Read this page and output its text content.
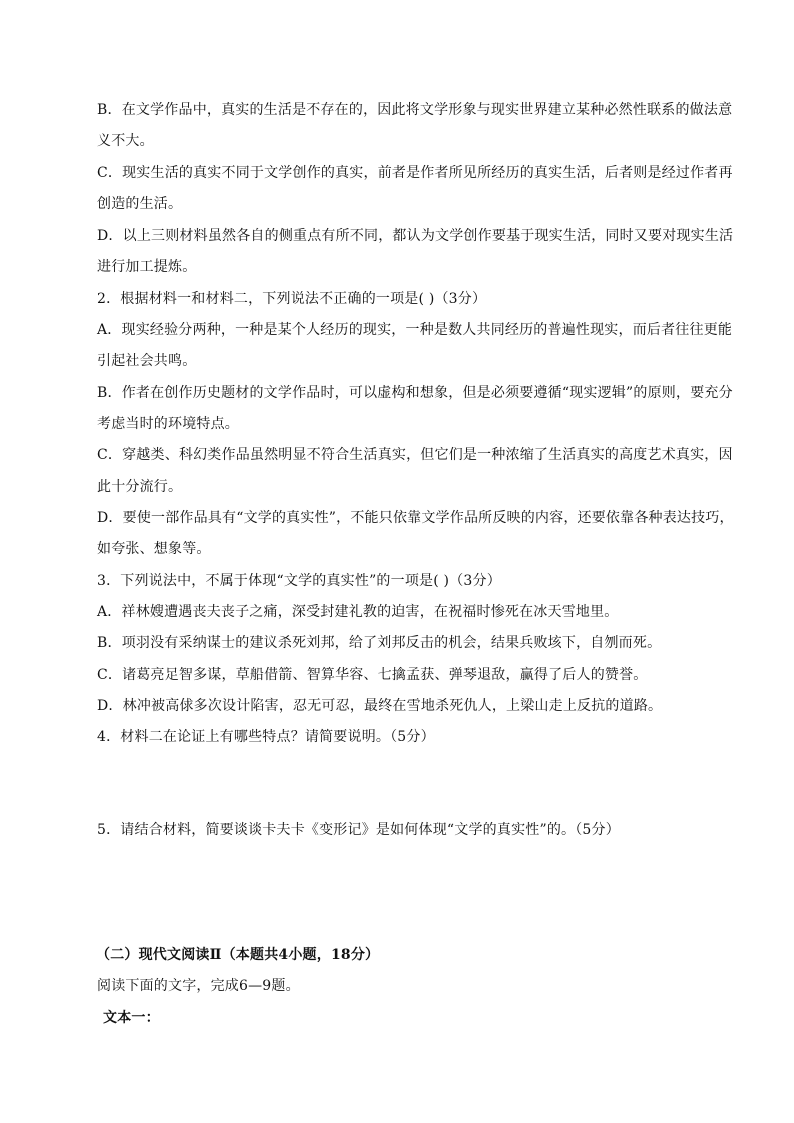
B．在文学作品中，真实的生活是不存在的，因此将文学形象与现实世界建立某种必然性联系的做法意
义不大。
C．现实生活的真实不同于文学创作的真实，前者是作者所见所经历的真实生活，后者则是经过作者再
创造的生活。
D．以上三则材料虽然各自的侧重点有所不同，都认为文学创作要基于现实生活，同时又要对现实生活
进行加工提炼。
2．根据材料一和材料二，下列说法不正确的一项是( )（3分）
A．现实经验分两种，一种是某个人经历的现实，一种是数人共同经历的普遍性现实，而后者往往更能
引起社会共鸣。
B．作者在创作历史题材的文学作品时，可以虚构和想象，但是必须要遵循“现实逻辑”的原则，要充分
考虑当时的环境特点。
C．穿越类、科幻类作品虽然明显不符合生活真实，但它们是一种浓缩了生活真实的高度艺术真实，因
此十分流行。
D．要使一部作品具有“文学的真实性”，不能只依靠文学作品所反映的内容，还要依靠各种表达技巧，
如夸张、想象等。
3．下列说法中，不属于体现“文学的真实性”的一项是( )（3分）
A．祥林嫂遭遇丧夫丧子之痛，深受封建礼教的迫害，在祝福时惨死在冰天雪地里。
B．项羽没有采纳谋士的建议杀死刘邦，给了刘邦反击的机会，结果兵败垓下，自刎而死。
C．诸葛亮足智多谋，草船借箭、智算华容、七擒孟获、弹琴退敌，赢得了后人的赞誉。
D．林冲被高俅多次设计陷害，忍无可忍，最终在雪地杀死仇人，上梁山走上反抗的道路。
4．材料二在论证上有哪些特点？请简要说明。（5分）
5．请结合材料，简要谈谈卡夫卡《变形记》是如何体现“文学的真实性”的。（5分）
（二）现代文阅读Ⅱ（本题共4小题，18分）
阅读下面的文字，完成6—9题。
文本一：
